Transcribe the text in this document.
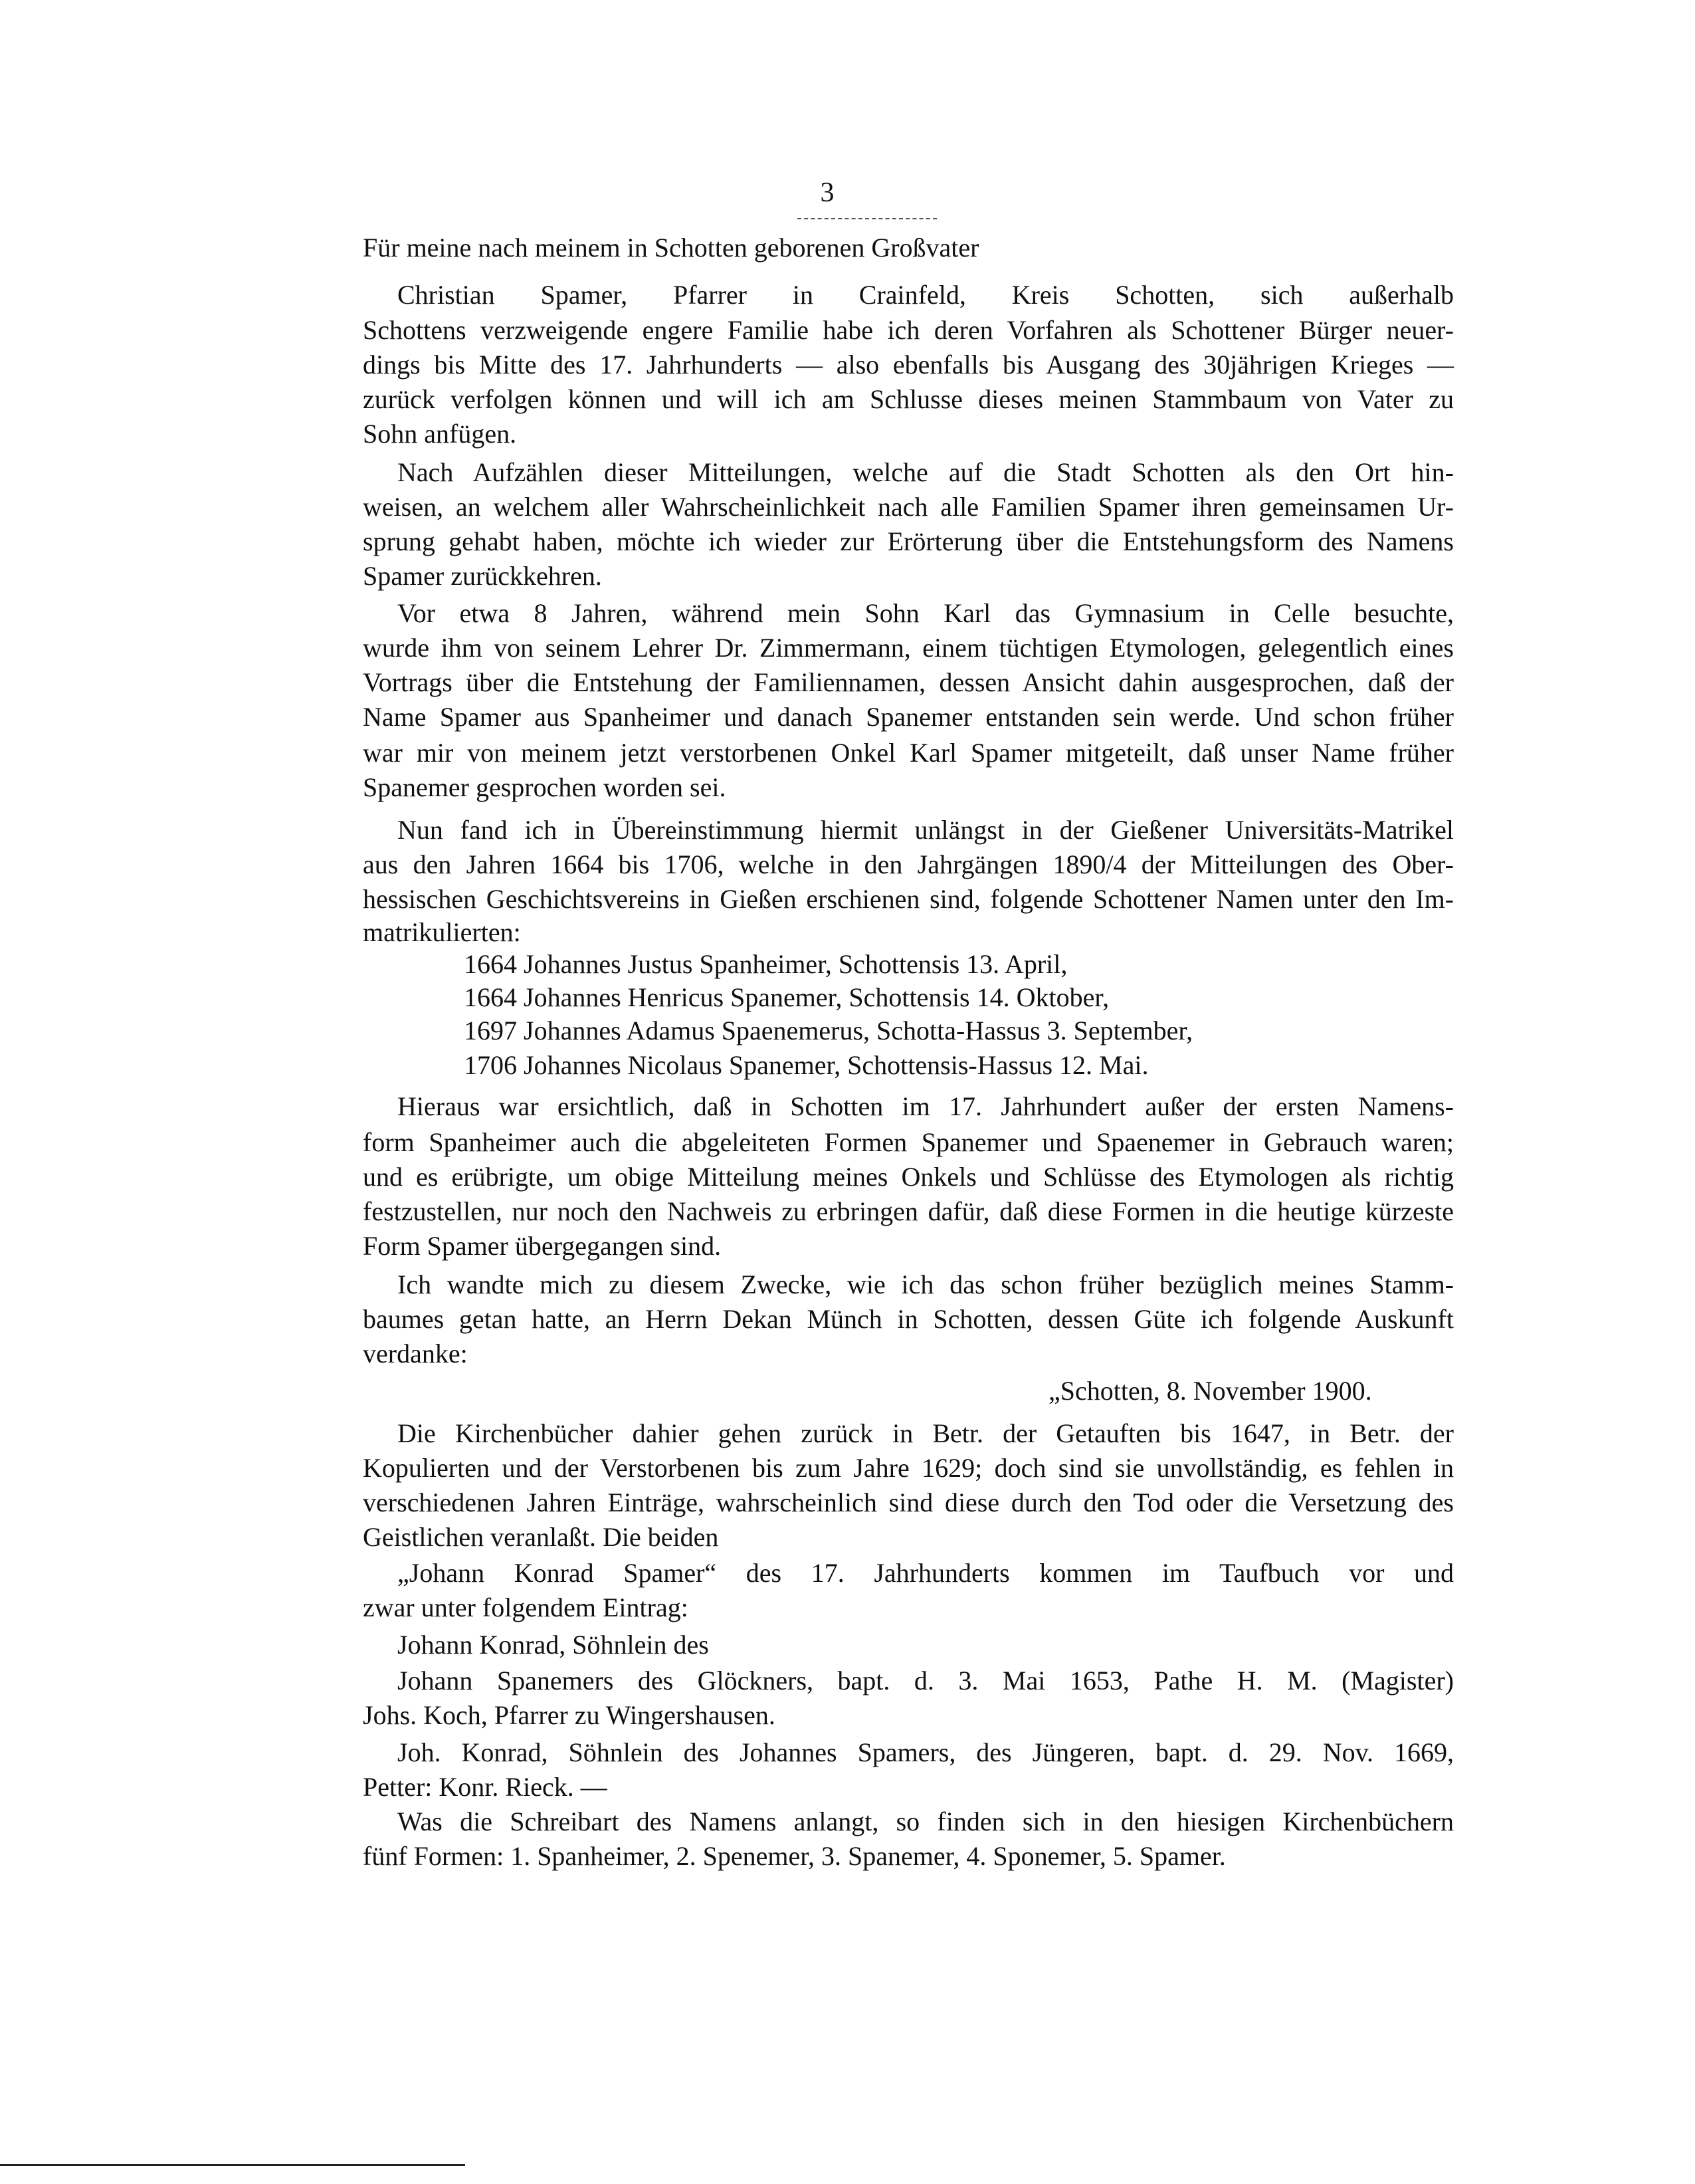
3
Für meine nach meinem in Schotten geborenen Großvater
Christian Spamer, Pfarrer in Crainfeld, Kreis Schotten, sich außerhalb
Schottens verzweigende engere Familie habe ich deren Vorfahren als Schottener Bürger neuer-
dings bis Mitte des 17. Jahrhunderts — also ebenfalls bis Ausgang des 30jährigen Krieges —
zurück verfolgen können und will ich am Schlusse dieses meinen Stammbaum von Vater zu
Sohn anfügen.
Nach Aufzählen dieser Mitteilungen, welche auf die Stadt Schotten als den Ort hin-
weisen, an welchem aller Wahrscheinlichkeit nach alle Familien Spamer ihren gemeinsamen Ur-
sprung gehabt haben, möchte ich wieder zur Erörterung über die Entstehungsform des Namens
Spamer zurückkehren.
Vor etwa 8 Jahren, während mein Sohn Karl das Gymnasium in Celle besuchte,
wurde ihm von seinem Lehrer Dr. Zimmermann, einem tüchtigen Etymologen, gelegentlich eines
Vortrags über die Entstehung der Familiennamen, dessen Ansicht dahin ausgesprochen, daß der
Name Spamer aus Spanheimer und danach Spanemer entstanden sein werde. Und schon früher
war mir von meinem jetzt verstorbenen Onkel Karl Spamer mitgeteilt, daß unser Name früher
Spanemer gesprochen worden sei.
Nun fand ich in Übereinstimmung hiermit unlängst in der Gießener Universitäts-Matrikel
aus den Jahren 1664 bis 1706, welche in den Jahrgängen 1890/4 der Mitteilungen des Ober-
hessischen Geschichtsvereins in Gießen erschienen sind, folgende Schottener Namen unter den Im-
matrikulierten:
1664 Johannes Justus Spanheimer, Schottensis 13. April,
1664 Johannes Henricus Spanemer, Schottensis 14. Oktober,
1697 Johannes Adamus Spaenemerus, Schotta-Hassus 3. September,
1706 Johannes Nicolaus Spanemer, Schottensis-Hassus 12. Mai.
Hieraus war ersichtlich, daß in Schotten im 17. Jahrhundert außer der ersten Namens-
form Spanheimer auch die abgeleiteten Formen Spanemer und Spaenemer in Gebrauch waren;
und es erübrigte, um obige Mitteilung meines Onkels und Schlüsse des Etymologen als richtig
festzustellen, nur noch den Nachweis zu erbringen dafür, daß diese Formen in die heutige kürzeste
Form Spamer übergegangen sind.
Ich wandte mich zu diesem Zwecke, wie ich das schon früher bezüglich meines Stamm-
baumes getan hatte, an Herrn Dekan Münch in Schotten, dessen Güte ich folgende Auskunft
verdanke:
„Schotten, 8. November 1900.
Die Kirchenbücher dahier gehen zurück in Betr. der Getauften bis 1647, in Betr. der
Kopulierten und der Verstorbenen bis zum Jahre 1629; doch sind sie unvollständig, es fehlen in
verschiedenen Jahren Einträge, wahrscheinlich sind diese durch den Tod oder die Versetzung des
Geistlichen veranlaßt. Die beiden
„Johann Konrad Spamer“ des 17. Jahrhunderts kommen im Taufbuch vor und
zwar unter folgendem Eintrag:
Johann Konrad, Söhnlein des
Johann Spanemers des Glöckners, bapt. d. 3. Mai 1653, Pathe H. M. (Magister)
Johs. Koch, Pfarrer zu Wingershausen.
Joh. Konrad, Söhnlein des Johannes Spamers, des Jüngeren, bapt. d. 29. Nov. 1669,
Petter: Konr. Rieck. —
Was die Schreibart des Namens anlangt, so finden sich in den hiesigen Kirchenbüchern
fünf Formen: 1. Spanheimer, 2. Spenemer, 3. Spanemer, 4. Sponemer, 5. Spamer.
